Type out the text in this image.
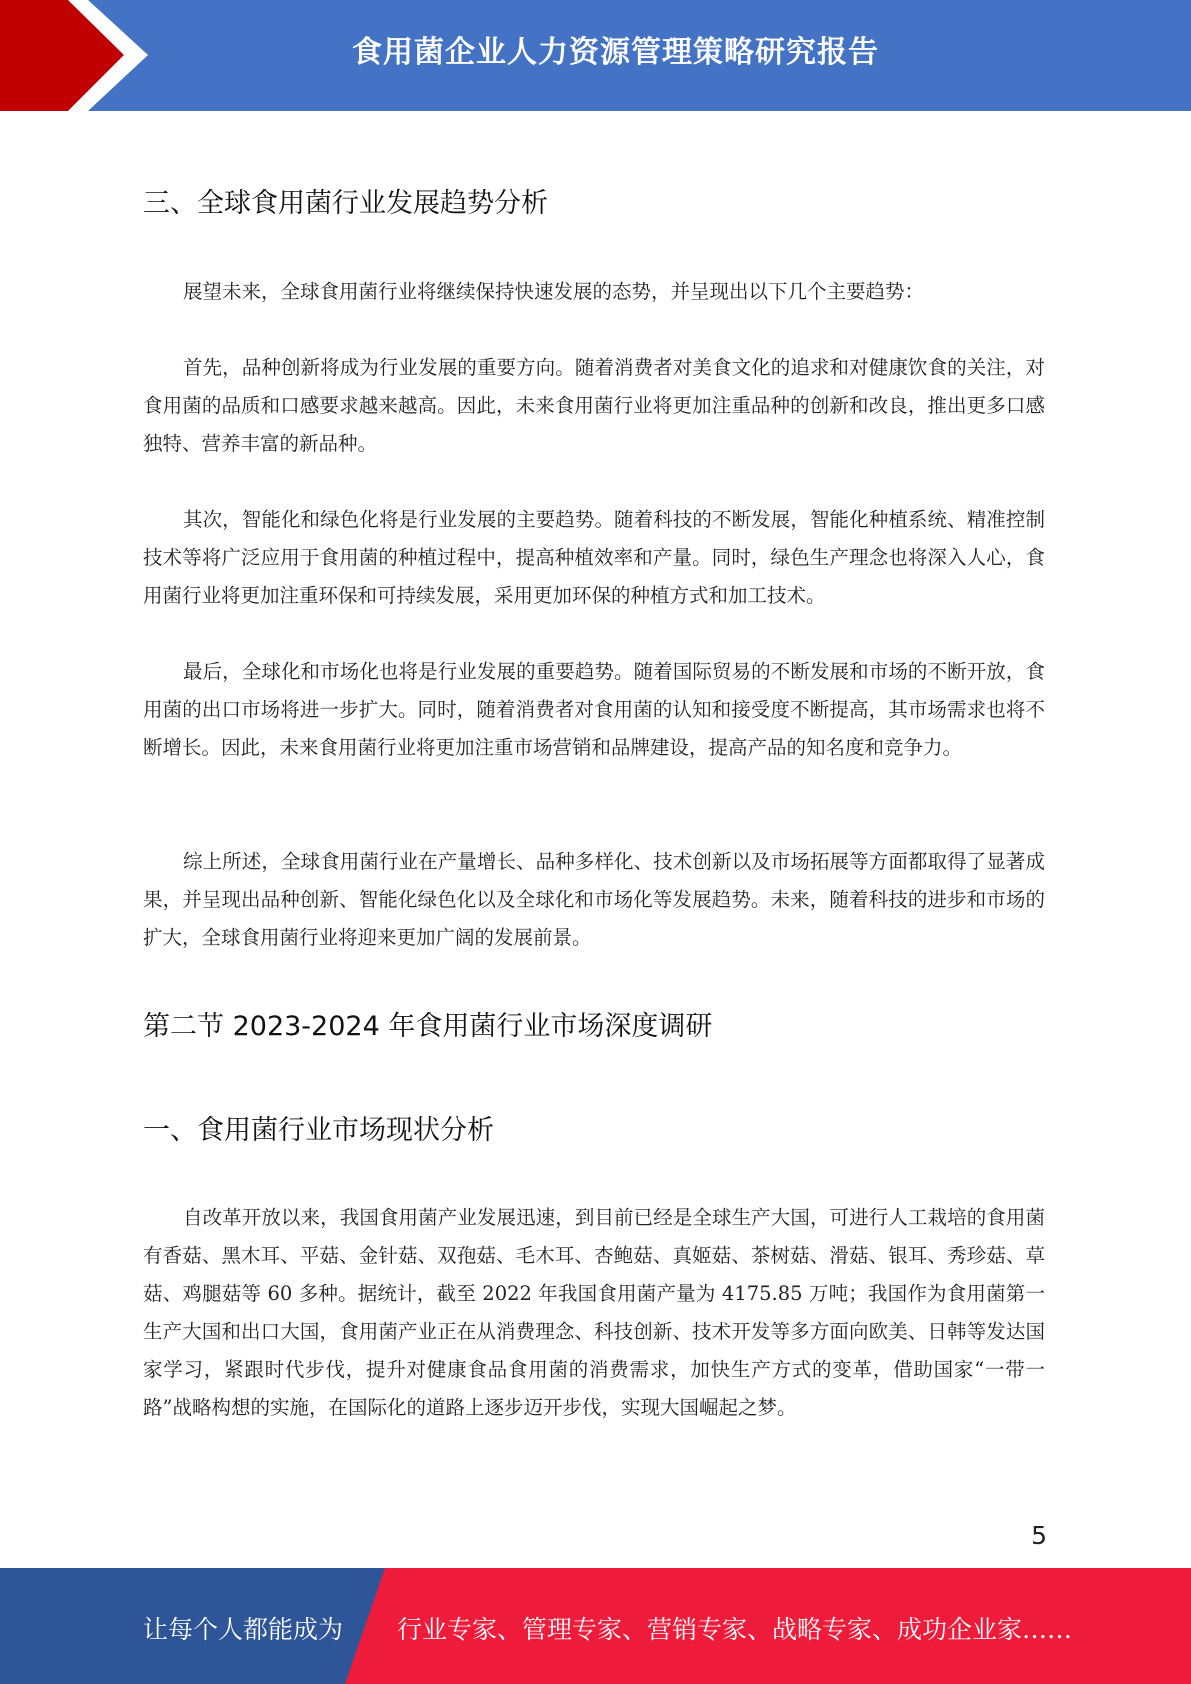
食用菌企业人力资源管理策略研究报告
三、全球食用菌行业发展趋势分析

展望未来，全球食用菌行业将继续保持快速发展的态势，并呈现出以下几个主要趋势：

首先，品种创新将成为行业发展的重要方向。随着消费者对美食文化的追求和对健康饮食的关注，对食用菌的品质和口感要求越来越高。因此，未来食用菌行业将更加注重品种的创新和改良，推出更多口感独特、营养丰富的新品种。

其次，智能化和绿色化将是行业发展的主要趋势。随着科技的不断发展，智能化种植系统、精准控制技术等将广泛应用于食用菌的种植过程中，提高种植效率和产量。同时，绿色生产理念也将深入人心，食用菌行业将更加注重环保和可持续发展，采用更加环保的种植方式和加工技术。

最后，全球化和市场化也将是行业发展的重要趋势。随着国际贸易的不断发展和市场的不断开放，食用菌的出口市场将进一步扩大。同时，随着消费者对食用菌的认知和接受度不断提高，其市场需求也将不断增长。因此，未来食用菌行业将更加注重市场营销和品牌建设，提高产品的知名度和竞争力。

综上所述，全球食用菌行业在产量增长、品种多样化、技术创新以及市场拓展等方面都取得了显著成果，并呈现出品种创新、智能化绿色化以及全球化和市场化等发展趋势。未来，随着科技的进步和市场的扩大，全球食用菌行业将迎来更加广阔的发展前景。

第二节 2023-2024 年食用菌行业市场深度调研
一、食用菌行业市场现状分析

自改革开放以来，我国食用菌产业发展迅速，到目前已经是全球生产大国，可进行人工栽培的食用菌有香菇、黑木耳、平菇、金针菇、双孢菇、毛木耳、杏鲍菇、真姬菇、茶树菇、滑菇、银耳、秀珍菇、草菇、鸡腿菇等 60 多种。据统计，截至 2022 年我国食用菌产量为 4175.85 万吨；我国作为食用菌第一生产大国和出口大国，食用菌产业正在从消费理念、科技创新、技术开发等多方面向欧美、日韩等发达国家学习，紧跟时代步伐，提升对健康食品食用菌的消费需求，加快生产方式的变革，借助国家“一带一路”战略构想的实施，在国际化的道路上逐步迈开步伐，实现大国崛起之梦。

5
让每个人都能成为 行业专家、管理专家、营销专家、战略专家、成功企业家……
